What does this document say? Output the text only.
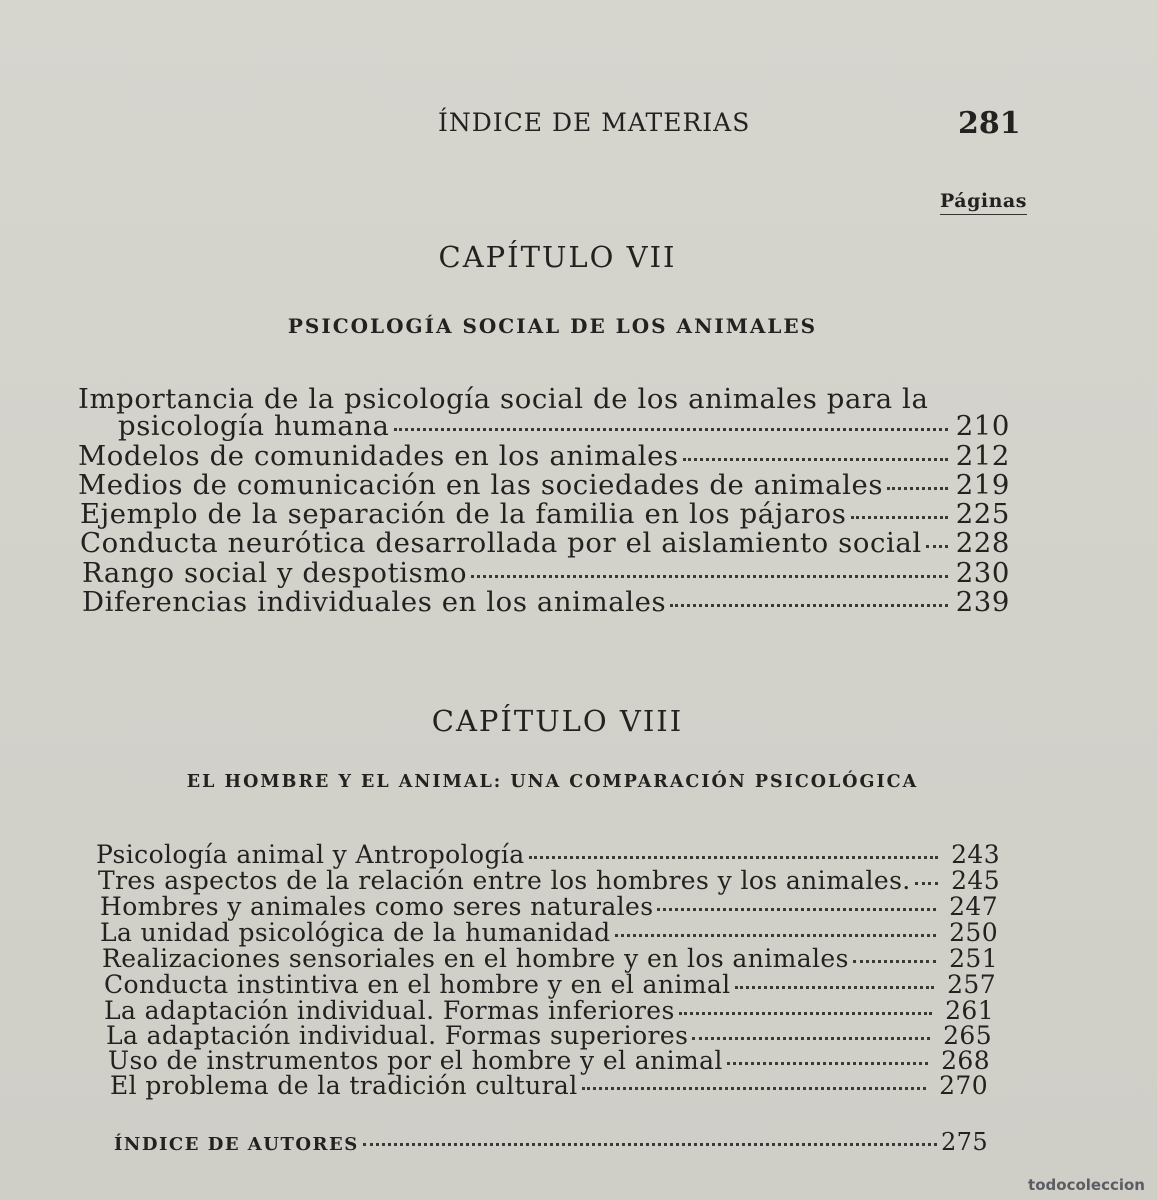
ÍNDICE DE MATERIAS	281
Páginas
CAPÍTULO VII
PSICOLOGÍA SOCIAL DE LOS ANIMALES
Importancia de la psicología social de los animales para la
psicología humana	210
Modelos de comunidades en los animales	212
Medios de comunicación en las sociedades de animales	219
Ejemplo de la separación de la familia en los pájaros	225
Conducta neurótica desarrollada por el aislamiento social 228
Rango social y despotismo	230
Diferencias individuales en los animales	239
CAPÍTULO VIII
EL HOMBRE Y EL ANIMAL: UNA COMPARACIÓN PSICOLÓGICA
Psicología animal y Antropología	243
Tres aspectos de la relación entre los hombres y los animales.	245
Hombres y animales como seres naturales	247
La unidad psicológica de la humanidad	250
Realizaciones sensoriales en el hombre y en los animales	251
Conducta instintiva en el hombre y en el animal	257
La adaptación individual. Formas inferiores	261
La adaptación individual. Formas superiores	265
Uso de instrumentos por el hombre y el animal	268
El problema de la tradición cultural	270
ÍNDICE DE AUTORES	275
todocoleccion
